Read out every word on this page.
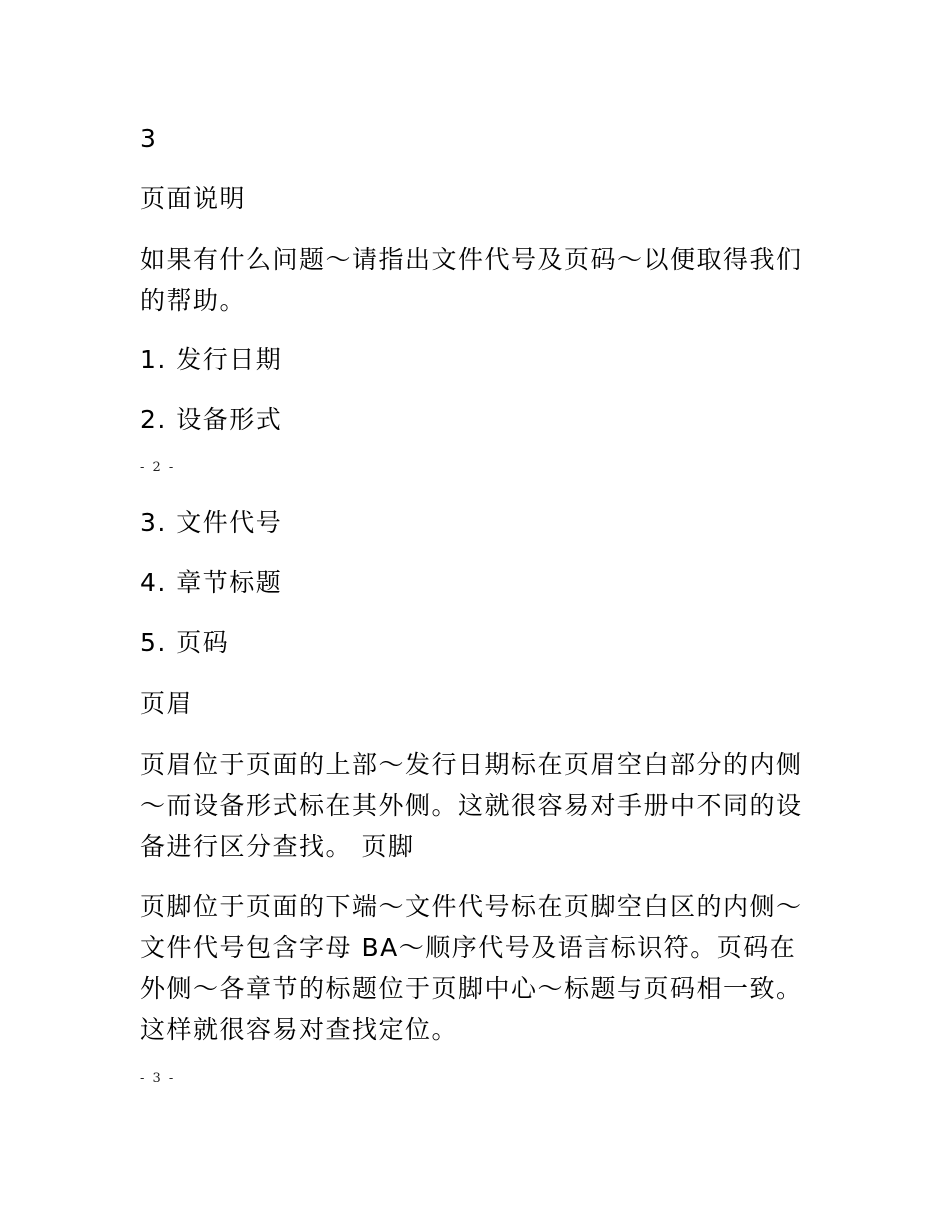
3

页面说明

如果有什么问题～请指出文件代号及页码～以便取得我们的帮助。

1. 发行日期

2. 设备形式

- 2 -

3. 文件代号

4. 章节标题

5. 页码

页眉

页眉位于页面的上部～发行日期标在页眉空白部分的内侧～而设备形式标在其外侧。这就很容易对手册中不同的设备进行区分查找。 页脚

页脚位于页面的下端～文件代号标在页脚空白区的内侧～文件代号包含字母 BA～顺序代号及语言标识符。页码在外侧～各章节的标题位于页脚中心～标题与页码相一致。这样就很容易对查找定位。

- 3 -
